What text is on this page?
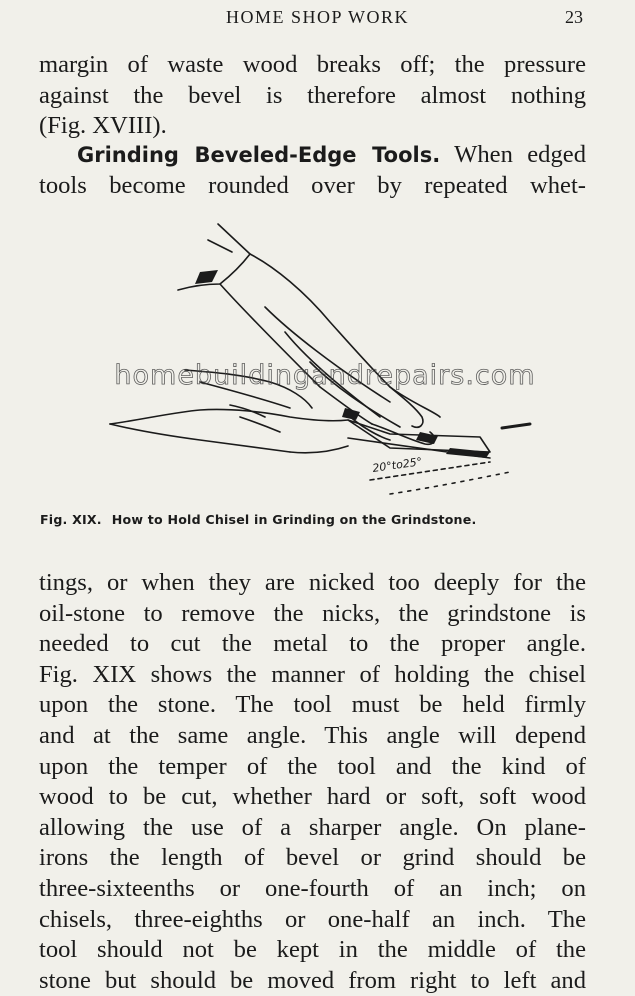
HOME SHOP WORK	23
margin of waste wood breaks off; the pressure
against the bevel is therefore almost nothing
(Fig. XVIII).
Grinding Beveled-Edge Tools. When edged
tools become rounded over by repeated whet-
20°to25°
homebuildingandrepairs.com
Fig. XIX. How to Hold Chisel in Grinding on the Grindstone.
tings, or when they are nicked too deeply for the
oil-stone to remove the nicks, the grindstone is
needed to cut the metal to the proper angle.
Fig. XIX shows the manner of holding the chisel
upon the stone. The tool must be held firmly
and at the same angle. This angle will depend
upon the temper of the tool and the kind of
wood to be cut, whether hard or soft, soft wood
allowing the use of a sharper angle. On plane-
irons the length of bevel or grind should be
three-sixteenths or one-fourth of an inch; on
chisels, three-eighths or one-half an inch. The
tool should not be kept in the middle of the
stone but should be moved from right to left and
